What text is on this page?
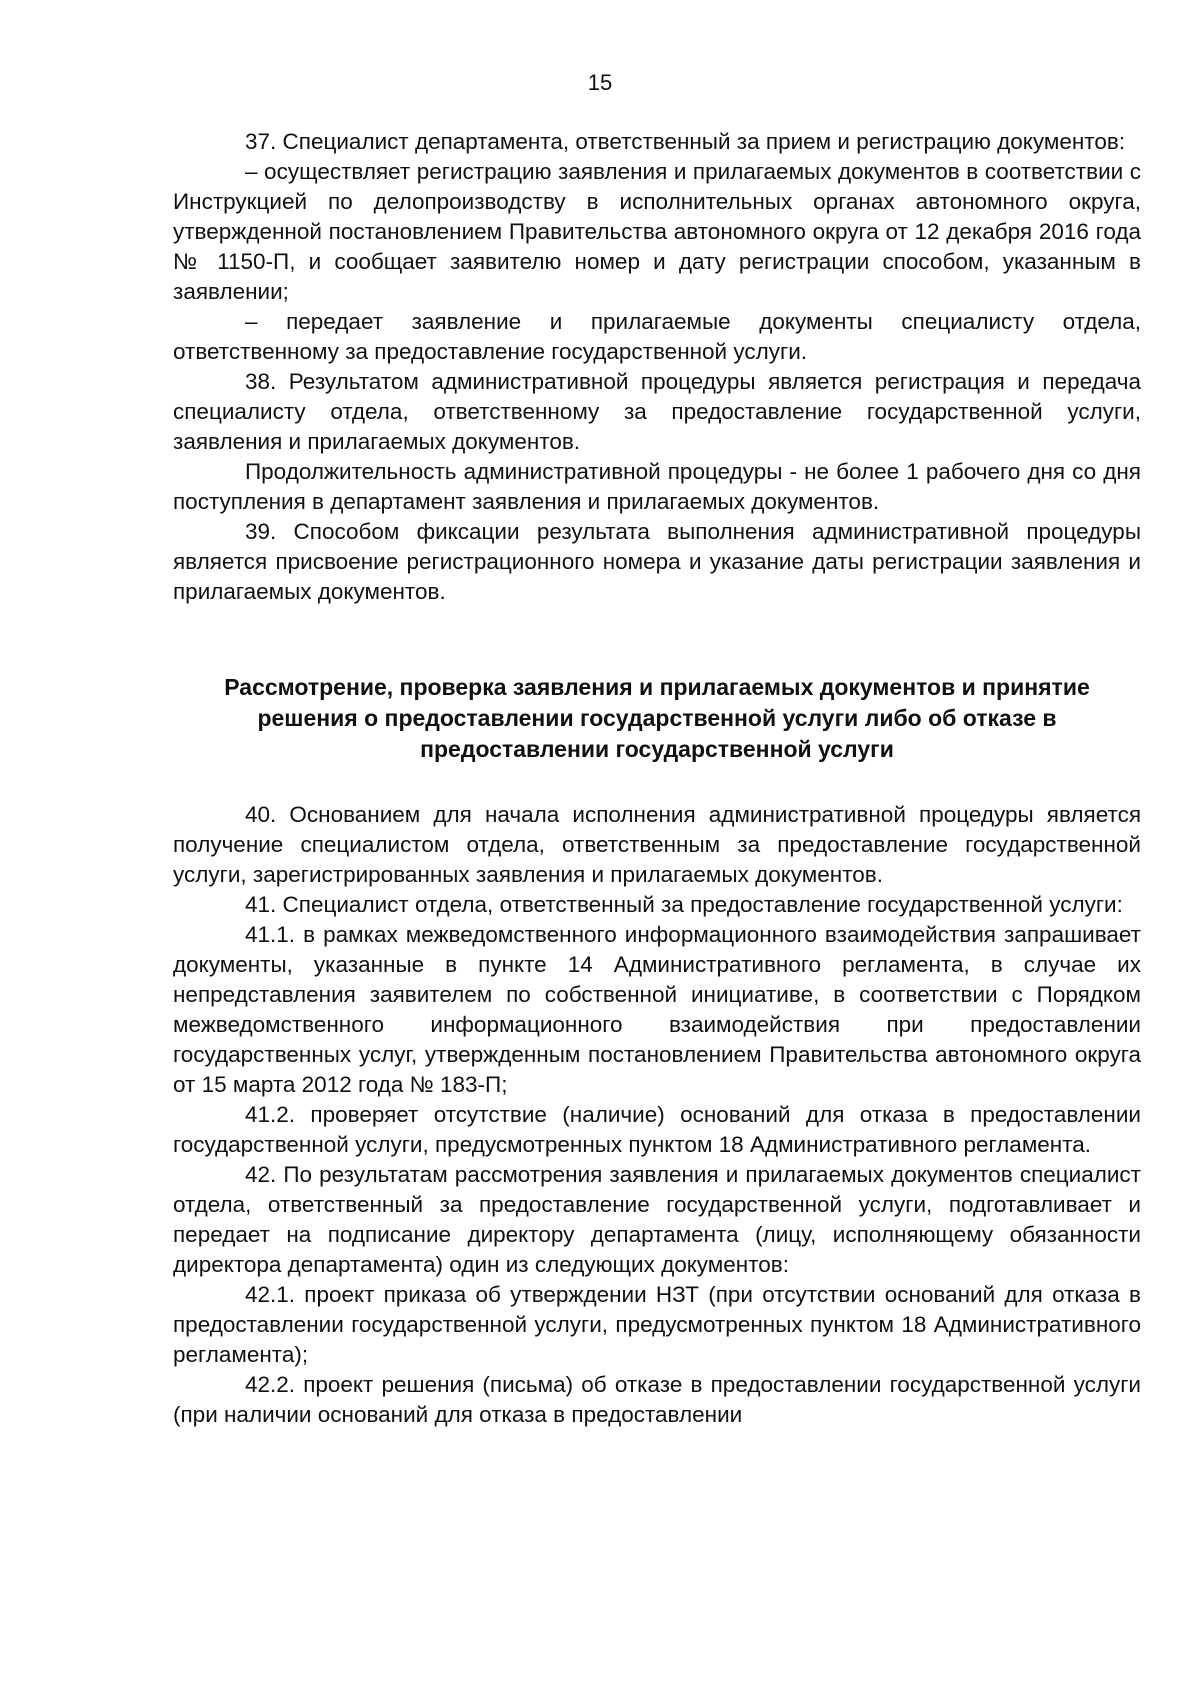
15

37. Специалист департамента, ответственный за прием и регистрацию документов:

– осуществляет регистрацию заявления и прилагаемых документов в соответствии с Инструкцией по делопроизводству в исполнительных органах автономного округа, утвержденной постановлением Правительства автономного округа от 12 декабря 2016 года № 1150-П, и сообщает заявителю номер и дату регистрации способом, указанным в заявлении;

– передает заявление и прилагаемые документы специалисту отдела, ответственному за предоставление государственной услуги.

38. Результатом административной процедуры является регистрация и передача специалисту отдела, ответственному за предоставление государственной услуги, заявления и прилагаемых документов.

Продолжительность административной процедуры - не более 1 рабочего дня со дня поступления в департамент заявления и прилагаемых документов.

39. Способом фиксации результата выполнения административной процедуры является присвоение регистрационного номера и указание даты регистрации заявления и прилагаемых документов.

Рассмотрение, проверка заявления и прилагаемых документов и принятие решения о предоставлении государственной услуги либо об отказе в предоставлении государственной услуги

40. Основанием для начала исполнения административной процедуры является получение специалистом отдела, ответственным за предоставление государственной услуги, зарегистрированных заявления и прилагаемых документов.

41. Специалист отдела, ответственный за предоставление государственной услуги:

41.1. в рамках межведомственного информационного взаимодействия запрашивает документы, указанные в пункте 14 Административного регламента, в случае их непредставления заявителем по собственной инициативе, в соответствии с Порядком межведомственного информационного взаимодействия при предоставлении государственных услуг, утвержденным постановлением Правительства автономного округа от 15 марта 2012 года № 183-П;

41.2. проверяет отсутствие (наличие) оснований для отказа в предоставлении государственной услуги, предусмотренных пунктом 18 Административного регламента.

42. По результатам рассмотрения заявления и прилагаемых документов специалист отдела, ответственный за предоставление государственной услуги, подготавливает и передает на подписание директору департамента (лицу, исполняющему обязанности директора департамента) один из следующих документов:

42.1. проект приказа об утверждении НЗТ (при отсутствии оснований для отказа в предоставлении государственной услуги, предусмотренных пунктом 18 Административного регламента);

42.2. проект решения (письма) об отказе в предоставлении государственной услуги (при наличии оснований для отказа в предоставлении
